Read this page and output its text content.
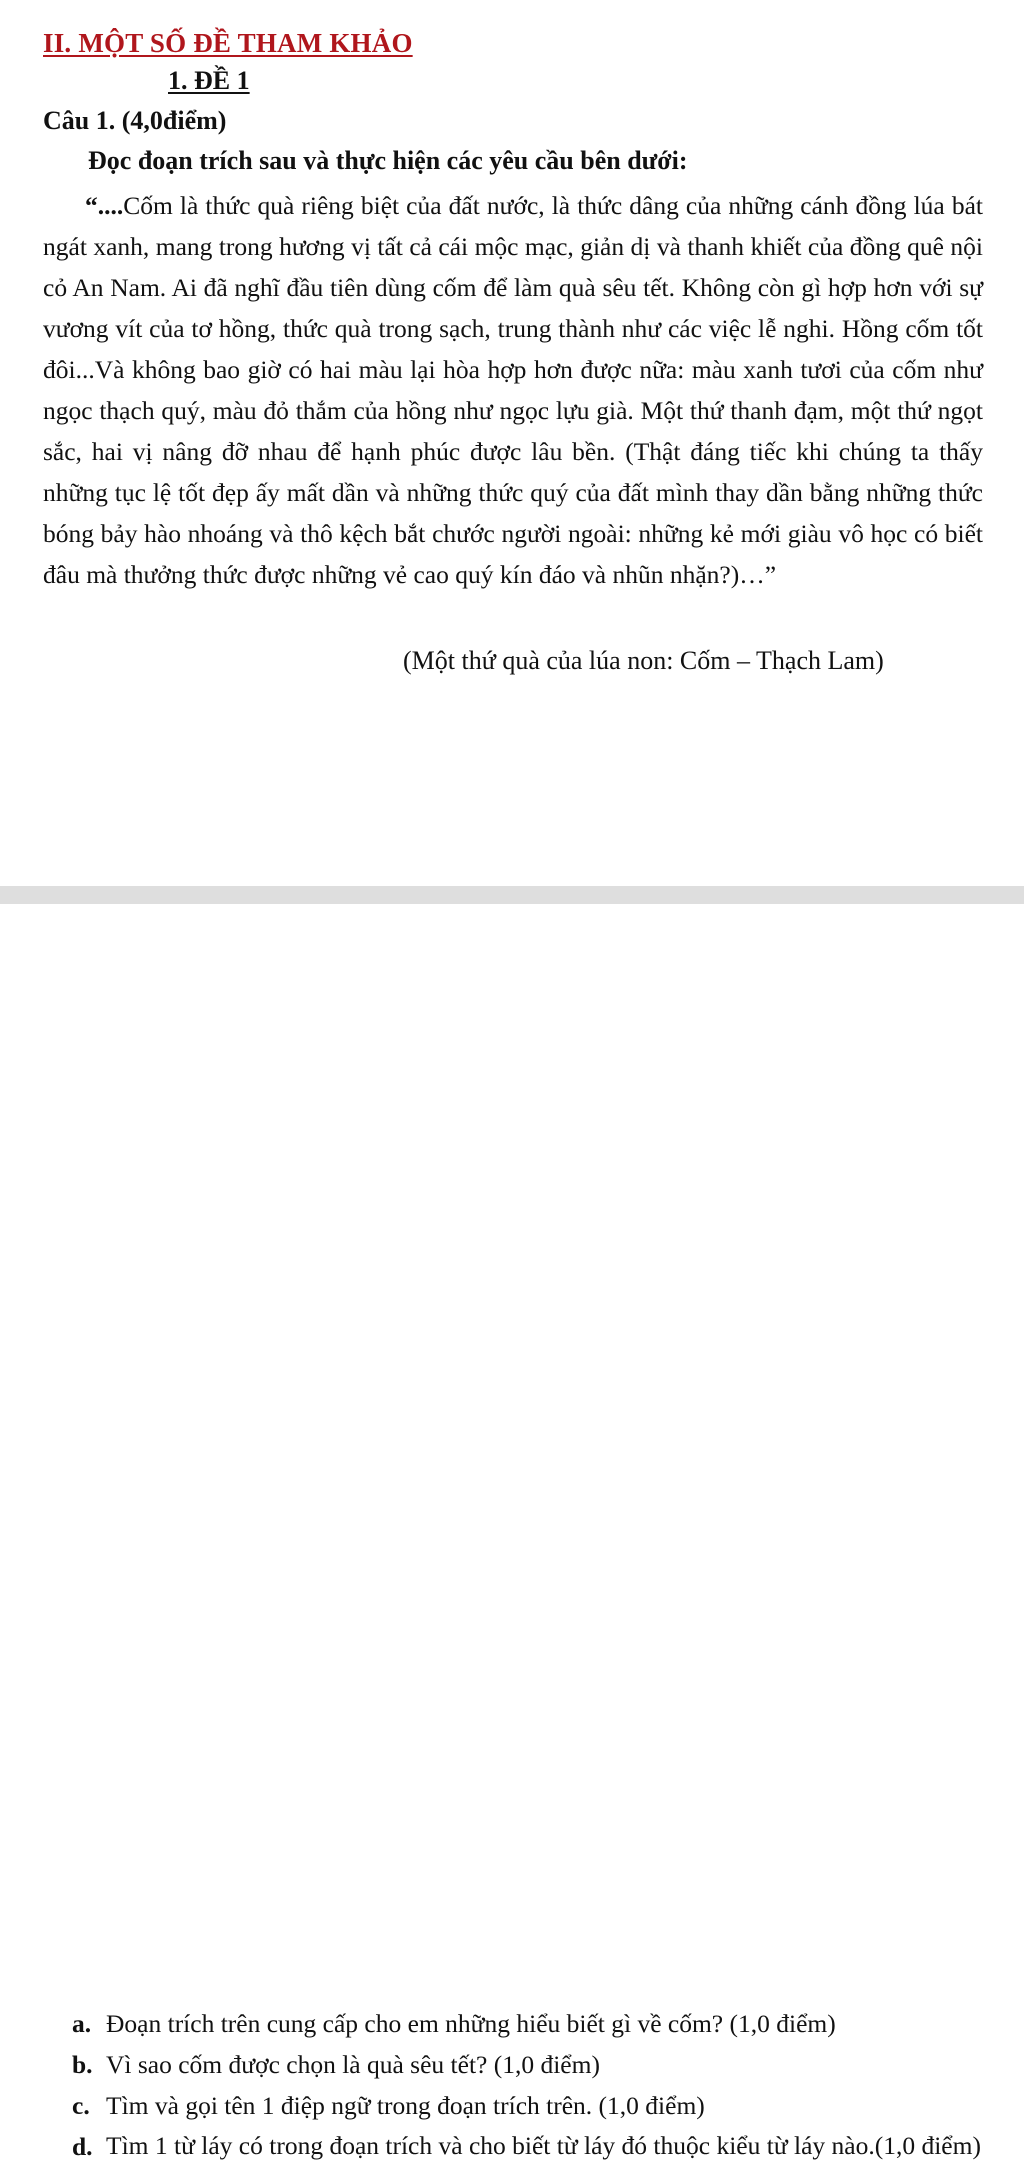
II. MỘT SỐ ĐỀ THAM KHẢO
1. ĐỀ 1
Câu 1. (4,0điểm)
Đọc đoạn trích sau và thực hiện các yêu cầu bên dưới:

“....Cốm là thức quà riêng biệt của đất nước, là thức dâng của những cánh đồng lúa bát ngát xanh, mang trong hương vị tất cả cái mộc mạc, giản dị và thanh khiết của đồng quê nội cỏ An Nam. Ai đã nghĩ đầu tiên dùng cốm để làm quà sêu tết. Không còn gì hợp hơn với sự vương vít của tơ hồng, thức quà trong sạch, trung thành như các việc lễ nghi. Hồng cốm tốt đôi...Và không bao giờ có hai màu lại hòa hợp hơn được nữa: màu xanh tươi của cốm như ngọc thạch quý, màu đỏ thắm của hồng như ngọc lựu già. Một thứ thanh đạm, một thứ ngọt sắc, hai vị nâng đỡ nhau để hạnh phúc được lâu bền. (Thật đáng tiếc khi chúng ta thấy những tục lệ tốt đẹp ấy mất dần và những thức quý của đất mình thay dần bằng những thức bóng bảy hào nhoáng và thô kệch bắt chước người ngoài: những kẻ mới giàu vô học có biết đâu mà thưởng thức được những vẻ cao quý kín đáo và nhũn nhặn?)…”

(Một thứ quà của lúa non: Cốm – Thạch Lam)
a. Đoạn trích trên cung cấp cho em những hiểu biết gì về cốm? (1,0 điểm)
b. Vì sao cốm được chọn là quà sêu tết? (1,0 điểm)
c. Tìm và gọi tên 1 điệp ngữ trong đoạn trích trên. (1,0 điểm)
d. Tìm 1 từ láy có trong đoạn trích và cho biết từ láy đó thuộc kiểu từ láy nào.(1,0 điểm)
